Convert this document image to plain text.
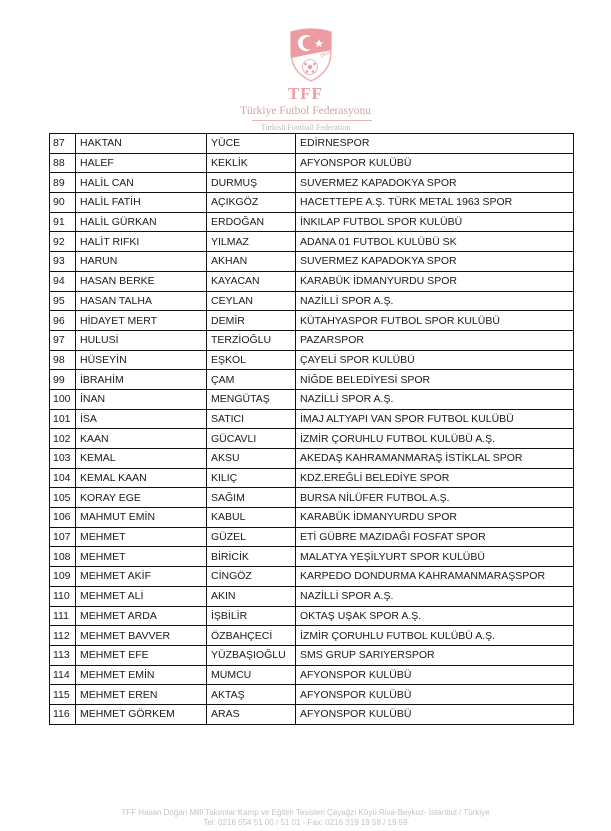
1923
TFF
Türkiye Futbol Federasyonu
Turkish Football Federation
87	HAKTAN	YÜCE	EDİRNESPOR
88	HALEF	KEKLİK	AFYONSPOR KULÜBÜ
89	HALİL CAN	DURMUŞ	SUVERMEZ KAPADOKYA SPOR
90	HALİL FATİH	AÇIKGÖZ	HACETTEPE A.Ş. TÜRK METAL 1963 SPOR
91	HALİL GÜRKAN	ERDOĞAN	İNKILAP FUTBOL SPOR KULÜBÜ
92	HALİT RIFKI	YILMAZ	ADANA 01 FUTBOL KULÜBÜ SK
93	HARUN	AKHAN	SUVERMEZ KAPADOKYA SPOR
94	HASAN BERKE	KAYACAN	KARABÜK İDMANYURDU SPOR
95	HASAN TALHA	CEYLAN	NAZİLLİ SPOR A.Ş.
96	HİDAYET MERT	DEMİR	KÜTAHYASPOR FUTBOL SPOR KULÜBÜ
97	HULUSİ	TERZİOĞLU	PAZARSPOR
98	HÜSEYİN	EŞKOL	ÇAYELİ SPOR KULÜBÜ
99	İBRAHİM	ÇAM	NİĞDE BELEDİYESİ SPOR
100	İNAN	MENGÜTAŞ	NAZİLLİ SPOR A.Ş.
101	İSA	SATICI	İMAJ ALTYAPI VAN SPOR FUTBOL KULÜBÜ
102	KAAN	GÜCAVLI	İZMİR ÇORUHLU FUTBOL KULÜBÜ A.Ş.
103	KEMAL	AKSU	AKEDAŞ KAHRAMANMARAŞ İSTİKLAL SPOR
104	KEMAL KAAN	KILIÇ	KDZ.EREĞLİ BELEDİYE SPOR
105	KORAY EGE	SAĞIM	BURSA NİLÜFER FUTBOL A.Ş.
106	MAHMUT EMİN	KABUL	KARABÜK İDMANYURDU SPOR
107	MEHMET	GÜZEL	ETİ GÜBRE MAZIDAĞI FOSFAT SPOR
108	MEHMET	BİRİCİK	MALATYA YEŞİLYURT SPOR KULÜBÜ
109	MEHMET AKİF	CİNGÖZ	KARPEDO DONDURMA KAHRAMANMARAŞSPOR
110	MEHMET ALİ	AKIN	NAZİLLİ SPOR A.Ş.
111	MEHMET ARDA	İŞBİLİR	OKTAŞ UŞAK SPOR A.Ş.
112	MEHMET BAVVER	ÖZBAHÇECİ	İZMİR ÇORUHLU FUTBOL KULÜBÜ A.Ş.
113	MEHMET EFE	YÜZBAŞIOĞLU	SMS GRUP SARIYERSPOR
114	MEHMET EMİN	MUMCU	AFYONSPOR KULÜBÜ
115	MEHMET EREN	AKTAŞ	AFYONSPOR KULÜBÜ
116	MEHMET GÖRKEM	ARAS	AFYONSPOR KULÜBÜ
TFF Hasan Doğan Milli Takımlar Kamp ve Eğitim Tesisleri Çayağzı Köyü Riva-Beykoz- İstanbul / Türkiye
Tel: 0216 554 51 00 / 51 01 - Fax: 0216 319 19 58 / 19 59
